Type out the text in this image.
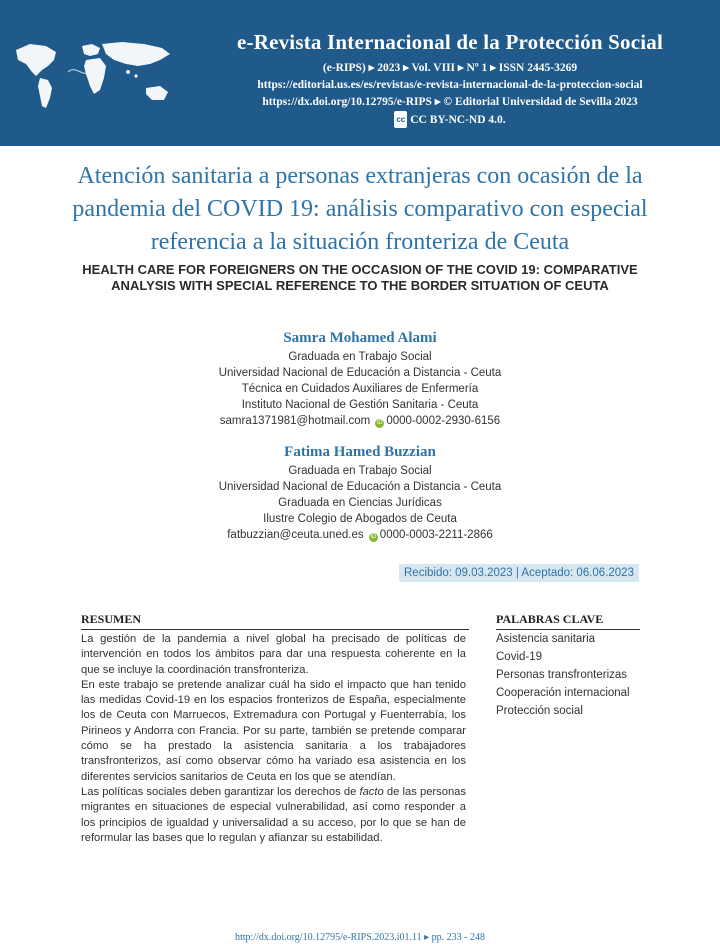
e-Revista Internacional de la Protección Social
(e-RIPS) ▸ 2023 ▸ Vol. VIII ▸ Nº 1 ▸ ISSN 2445-3269
https://editorial.us.es/es/revistas/e-revista-internacional-de-la-proteccion-social
https://dx.doi.org/10.12795/e-RIPS ▸ © Editorial Universidad de Sevilla 2023
cc CC BY-NC-ND 4.0.
Atención sanitaria a personas extranjeras con ocasión de la pandemia del COVID 19: análisis comparativo con especial referencia a la situación fronteriza de Ceuta
HEALTH CARE FOR FOREIGNERS ON THE OCCASION OF THE COVID 19: COMPARATIVE ANALYSIS WITH SPECIAL REFERENCE TO THE BORDER SITUATION OF CEUTA
Samra Mohamed Alami
Graduada en Trabajo Social
Universidad Nacional de Educación a Distancia - Ceuta
Técnica en Cuidados Auxiliares de Enfermería
Instituto Nacional de Gestión Sanitaria - Ceuta
samra1371981@hotmail.com iD 0000-0002-2930-6156
Fatima Hamed Buzzian
Graduada en Trabajo Social
Universidad Nacional de Educación a Distancia - Ceuta
Graduada en Ciencias Jurídicas
Ilustre Colegio de Abogados de Ceuta
fatbuzzian@ceuta.uned.es iD 0000-0003-2211-2866
Recibido: 09.03.2023 | Aceptado: 06.06.2023
RESUMEN

La gestión de la pandemia a nivel global ha precisado de políticas de intervención en todos los ámbitos para dar una respuesta coherente en la que se incluye la coordinación transfronteriza.

En este trabajo se pretende analizar cuál ha sido el impacto que han tenido las medidas Covid-19 en los espacios fronterizos de España, especialmente los de Ceuta con Marruecos, Extremadura con Portugal y Fuenterrabía, los Pirineos y Andorra con Francia. Por su parte, también se pretende comparar cómo se ha prestado la asistencia sanitaria a los trabajadores transfronterizos, así como observar cómo ha variado esa asistencia en los diferentes servicios sanitarios de Ceuta en los que se atendían.

Las políticas sociales deben garantizar los derechos de facto de las personas migrantes en situaciones de especial vulnerabilidad, así como responder a los principios de igualdad y universalidad a su acceso, por lo que se han de reformular las bases que lo regulan y afianzar su estabilidad.

PALABRAS CLAVE
Asistencia sanitaria
Covid-19
Personas transfronterizas
Cooperación internacional
Protección social
http://dx.doi.org/10.12795/e-RIPS.2023.i01.11 ▸ pp. 233 - 248
